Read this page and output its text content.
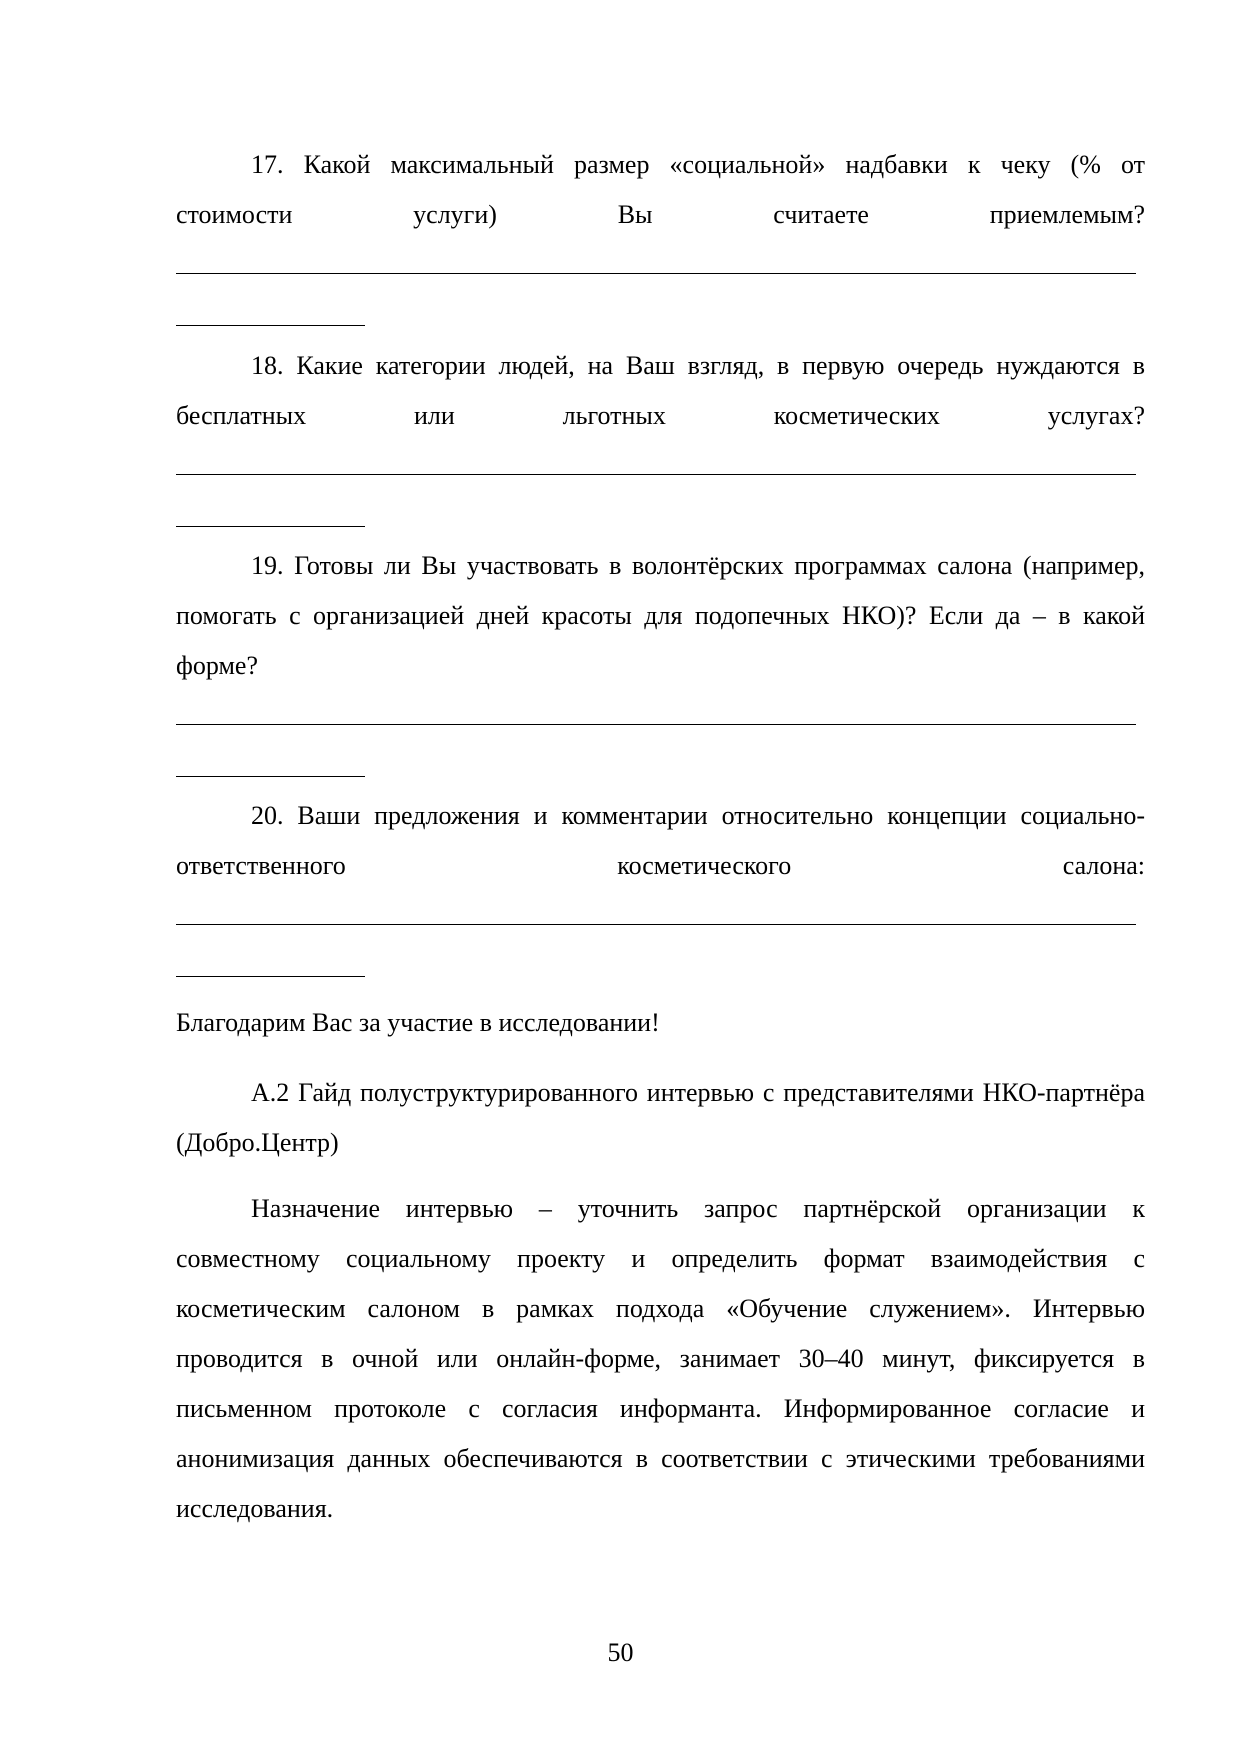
17. Какой максимальный размер «социальной» надбавки к чеку (% от стоимости услуги) Вы считаете приемлемым?
18. Какие категории людей, на Ваш взгляд, в первую очередь нуждаются в бесплатных или льготных косметических услугах?
19. Готовы ли Вы участвовать в волонтёрских программах салона (например, помогать с организацией дней красоты для подопечных НКО)? Если да – в какой форме?
20. Ваши предложения и комментарии относительно концепции социально-ответственного косметического салона:
Благодарим Вас за участие в исследовании!
А.2 Гайд полуструктурированного интервью с представителями НКО-партнёра (Добро.Центр)
Назначение интервью – уточнить запрос партнёрской организации к совместному социальному проекту и определить формат взаимодействия с косметическим салоном в рамках подхода «Обучение служением». Интервью проводится в очной или онлайн-форме, занимает 30–40 минут, фиксируется в письменном протоколе с согласия информанта. Информированное согласие и анонимизация данных обеспечиваются в соответствии с этическими требованиями исследования.
50
